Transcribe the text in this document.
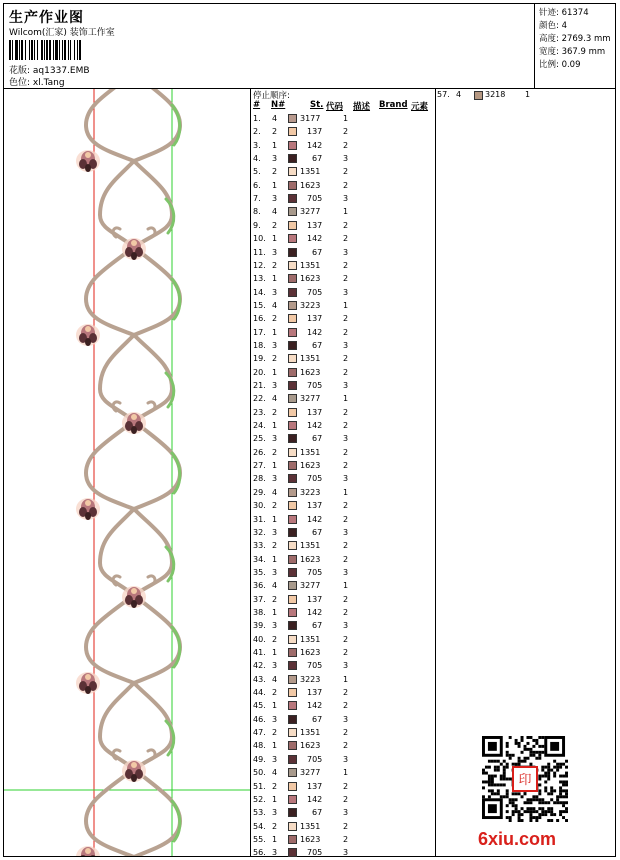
生产作业图
Wilcom(汇家) 装饰工作室
花版: aq1337.EMB
色位: xl.Tang
针迹: 61374
颜色: 4
高度: 2769.3 mm
宽度: 367.9 mm
比例: 0.09
停止顺序:
# N#	St. 代码 描述 Brand 元素
1. 4	3177	1
2. 2	137	2
3. 1	142	2
4. 3	67	3
5. 2	1351	2
6. 1	1623	2
7. 3	705	3
8. 4	3277	1
9. 2	137	2
10. 1	142	2
11. 3	67	3
12. 2	1351	2
13. 1	1623	2
14. 3	705	3
15. 4	3223	1
16. 2	137	2
17. 1	142	2
18. 3	67	3
19. 2	1351	2
20. 1	1623	2
21. 3	705	3
22. 4	3277	1
23. 2	137	2
24. 1	142	2
25. 3	67	3
26. 2	1351	2
27. 1	1623	2
28. 3	705	3
29. 4	3223	1
30. 2	137	2
31. 1	142	2
32. 3	67	3
33. 2	1351	2
34. 1	1623	2
35. 3	705	3
36. 4	3277	1
37. 2	137	2
38. 1	142	2
39. 3	67	3
40. 2	1351	2
41. 1	1623	2
42. 3	705	3
43. 4	3223	1
44. 2	137	2
45. 1	142	2
46. 3	67	3
47. 2	1351	2
48. 1	1623	2
49. 3	705	3
50. 4	3277	1
51. 2	137	2
52. 1	142	2
53. 3	67	3
54. 2	1351	2
55. 1	1623	2
56. 3	705	3
57. 4	3218 1
印
6xiu.com
